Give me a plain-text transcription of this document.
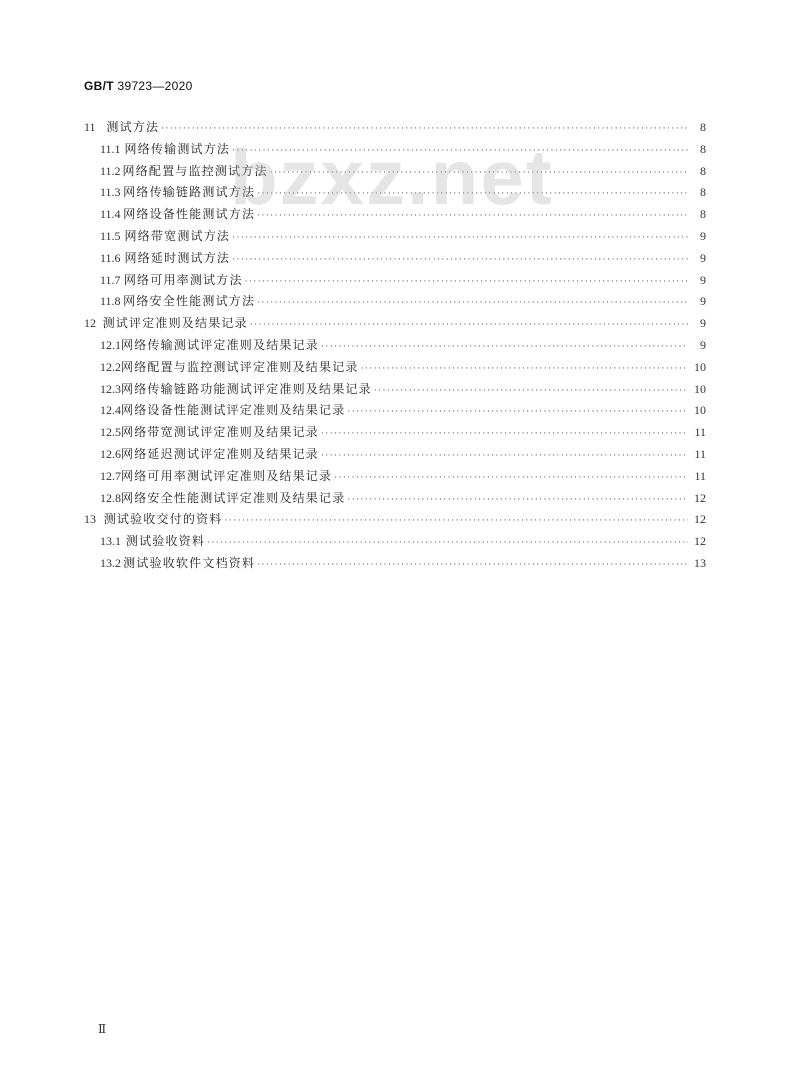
GB/T 39723—2020
11 测试方法 ·····	8
11.1 网络传输测试方法 ·····	8
11.2 网络配置与监控测试方法 ·····	8
11.3 网络传输链路测试方法 ·····	8
11.4 网络设备性能测试方法 ·····	8
11.5 网络带宽测试方法 ·····	9
11.6 网络延时测试方法 ·····	9
11.7 网络可用率测试方法 ·····	9
11.8 网络安全性能测试方法 ·····	9
12 测试评定准则及结果记录 ·····	9
12.1 网络传输测试评定准则及结果记录 ·····	9
12.2 网络配置与监控测试评定准则及结果记录 ·····	10
12.3 网络传输链路功能测试评定准则及结果记录 ·····	10
12.4 网络设备性能测试评定准则及结果记录 ·····	10
12.5 网络带宽测试评定准则及结果记录 ·····	11
12.6 网络延迟测试评定准则及结果记录 ·····	11
12.7 网络可用率测试评定准则及结果记录 ·····	11
12.8 网络安全性能测试评定准则及结果记录 ·····	12
13 测试验收交付的资料 ·····	12
13.1 测试验收资料 ·····	12
13.2 测试验收软件文档资料 ·····	13
bzxz.net
Ⅱ
